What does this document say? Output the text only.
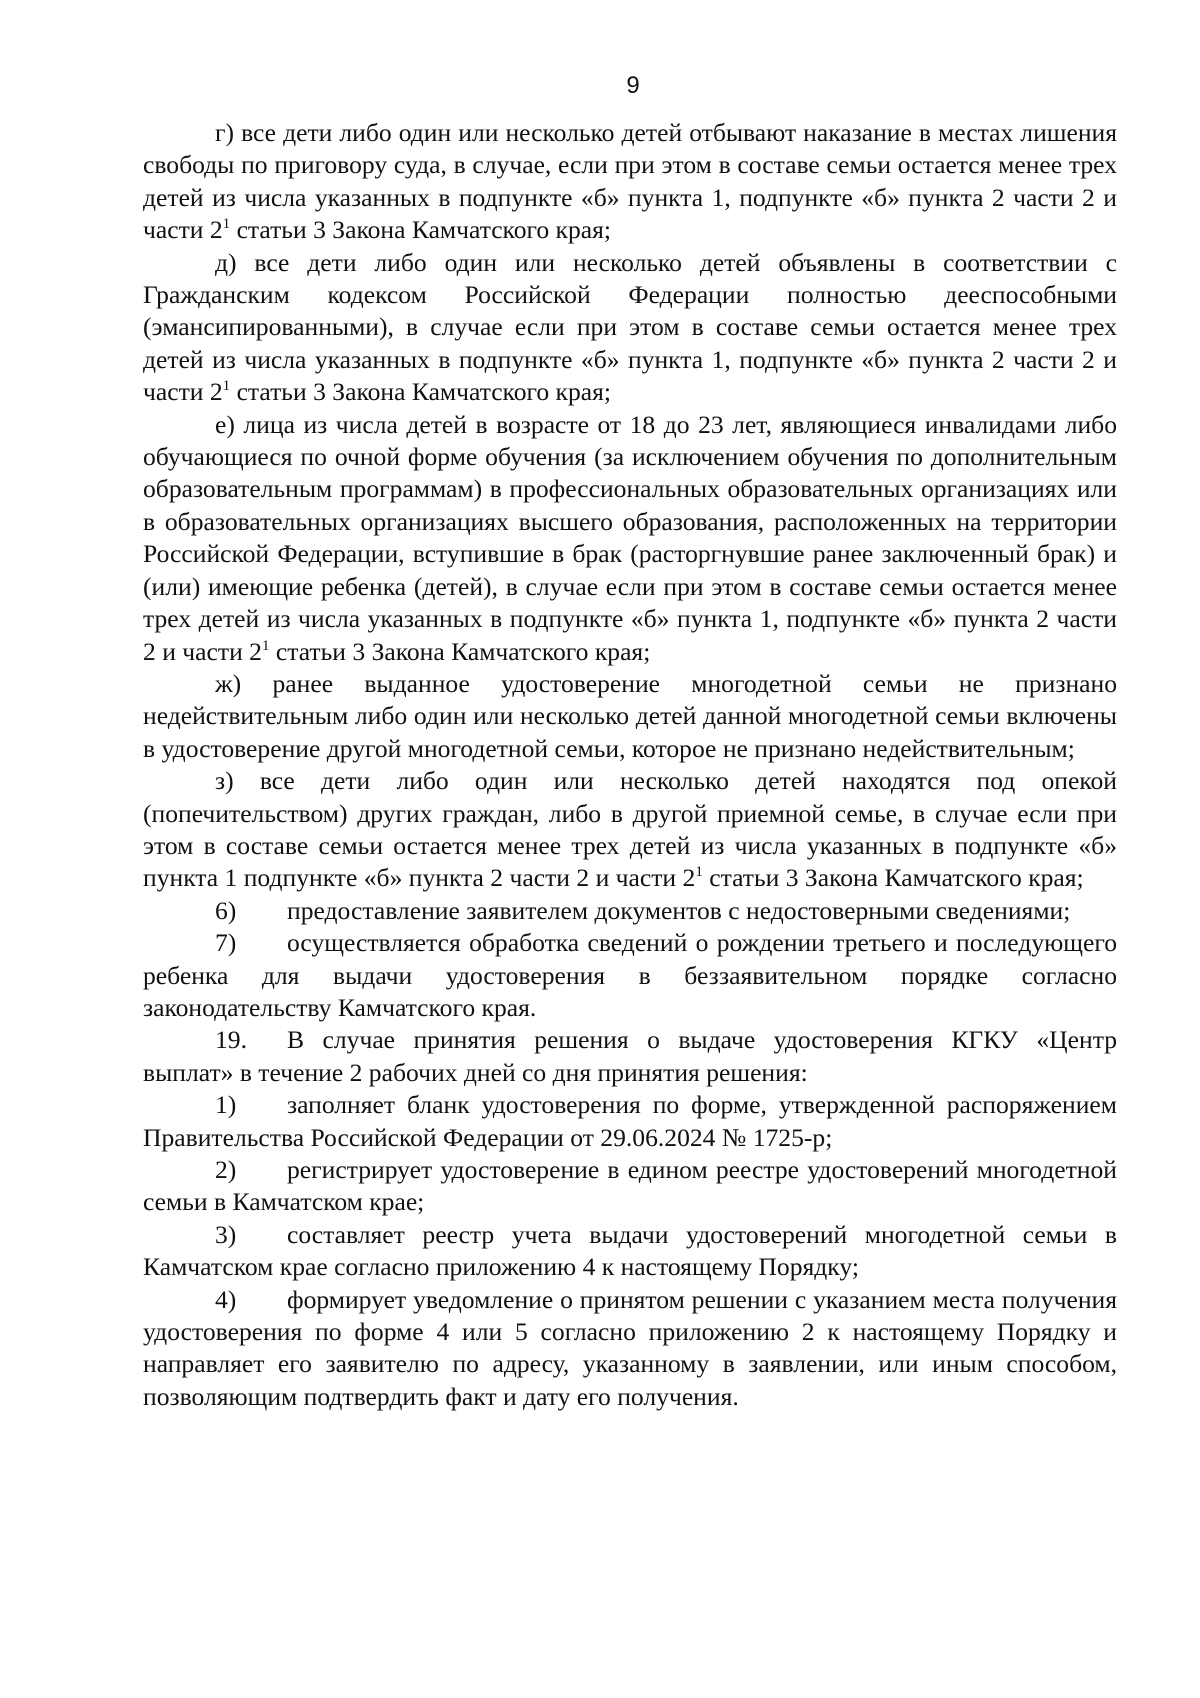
9

г) все дети либо один или несколько детей отбывают наказание в местах лишения свободы по приговору суда, в случае, если при этом в составе семьи остается менее трех детей из числа указанных в подпункте «б» пункта 1, подпункте «б» пункта 2 части 2 и части $2^1$ статьи 3 Закона Камчатского края;

д) все дети либо один или несколько детей объявлены в соответствии с Гражданским кодексом Российской Федерации полностью дееспособными (эмансипированными), в случае если при этом в составе семьи остается менее трех детей из числа указанных в подпункте «б» пункта 1, подпункте «б» пункта 2 части 2 и части $2^1$ статьи 3 Закона Камчатского края;

е) лица из числа детей в возрасте от 18 до 23 лет, являющиеся инвалидами либо обучающиеся по очной форме обучения (за исключением обучения по дополнительным образовательным программам) в профессиональных образовательных организациях или в образовательных организациях высшего образования, расположенных на территории Российской Федерации, вступившие в брак (расторгнувшие ранее заключенный брак) и (или) имеющие ребенка (детей), в случае если при этом в составе семьи остается менее трех детей из числа указанных в подпункте «б» пункта 1, подпункте «б» пункта 2 части 2 и части $2^1$ статьи 3 Закона Камчатского края;

ж) ранее выданное удостоверение многодетной семьи не признано недействительным либо один или несколько детей данной многодетной семьи включены в удостоверение другой многодетной семьи, которое не признано недействительным;

з) все дети либо один или несколько детей находятся под опекой (попечительством) других граждан, либо в другой приемной семье, в случае если при этом в составе семьи остается менее трех детей из числа указанных в подпункте «б» пункта 1 подпункте «б» пункта 2 части 2 и части $2^1$ статьи 3 Закона Камчатского края;

6) предоставление заявителем документов с недостоверными сведениями;

7) осуществляется обработка сведений о рождении третьего и последующего ребенка для выдачи удостоверения в беззаявительном порядке согласно законодательству Камчатского края.

19. В случае принятия решения о выдаче удостоверения КГКУ «Центр выплат» в течение 2 рабочих дней со дня принятия решения:

1) заполняет бланк удостоверения по форме, утвержденной распоряжением Правительства Российской Федерации от 29.06.2024 № 1725-р;

2) регистрирует удостоверение в едином реестре удостоверений многодетной семьи в Камчатском крае;

3) составляет реестр учета выдачи удостоверений многодетной семьи в Камчатском крае согласно приложению 4 к настоящему Порядку;

4) формирует уведомление о принятом решении с указанием места получения удостоверения по форме 4 или 5 согласно приложению 2 к настоящему Порядку и направляет его заявителю по адресу, указанному в заявлении, или иным способом, позволяющим подтвердить факт и дату его получения.
